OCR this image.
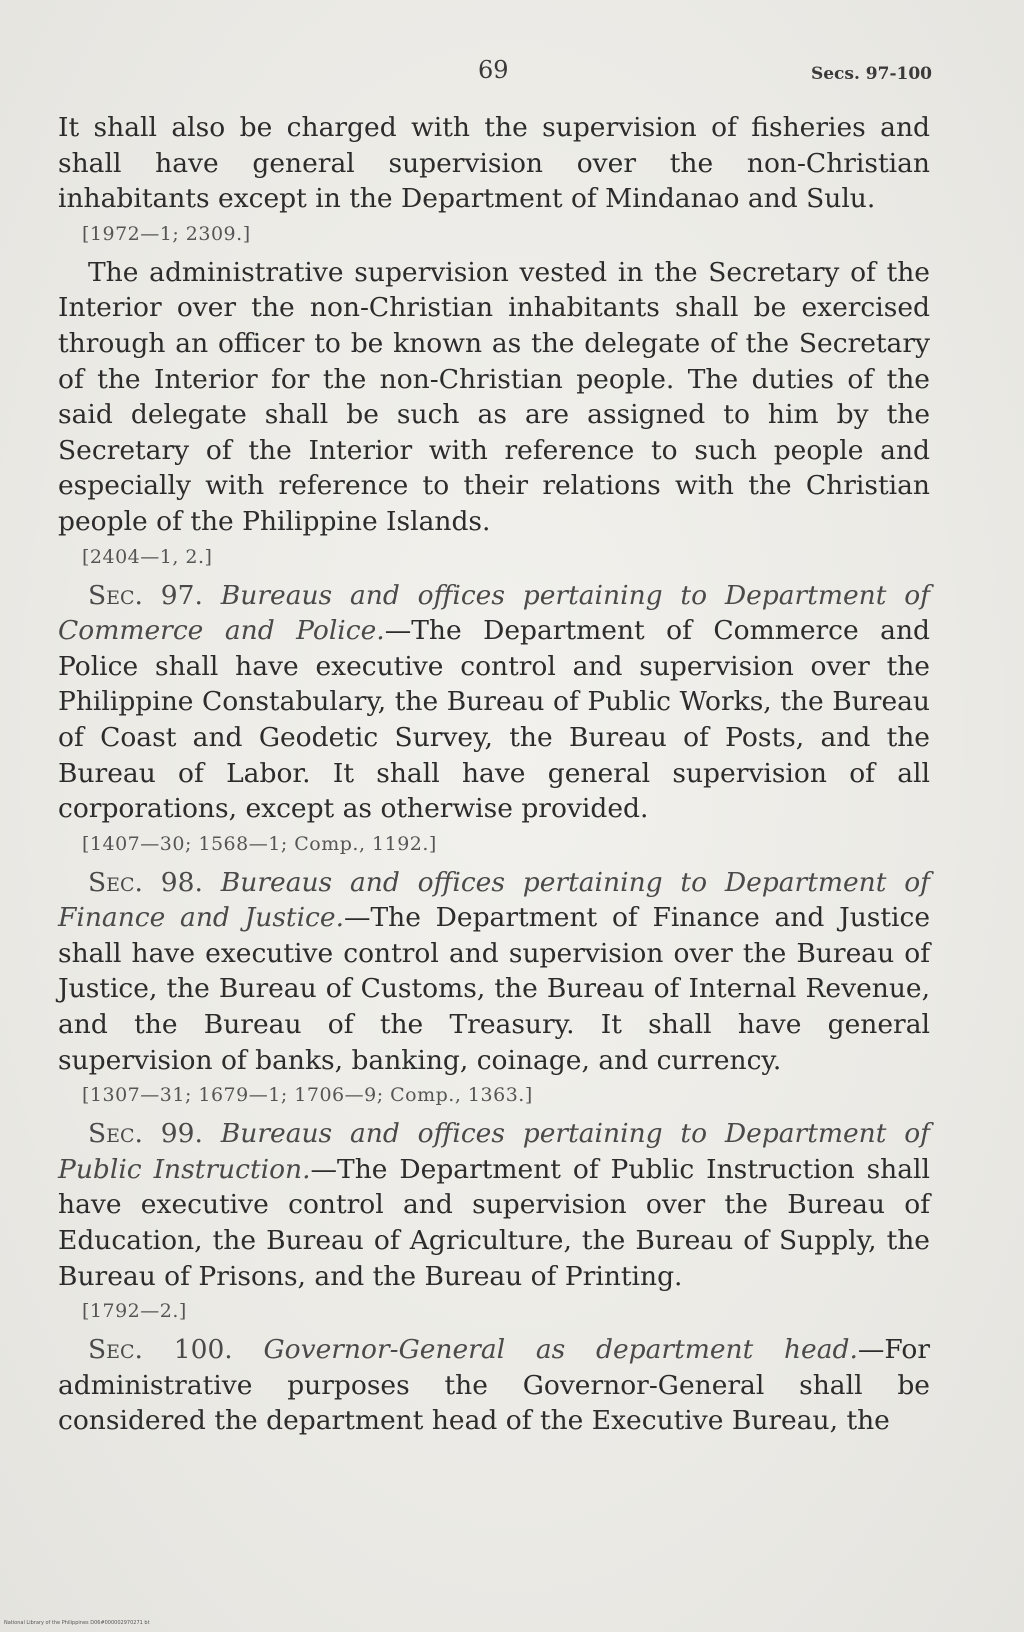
69	Secs. 97-100

It shall also be charged with the supervision of fisheries and shall have general supervision over the non-Christian inhabitants except in the Department of Mindanao and Sulu.

[1972—1; 2309.]

The administrative supervision vested in the Secretary of the Interior over the non-Christian inhabitants shall be exercised through an officer to be known as the delegate of the Secretary of the Interior for the non-Christian people. The duties of the said delegate shall be such as are assigned to him by the Secretary of the Interior with reference to such people and especially with reference to their relations with the Christian people of the Philippine Islands.

[2404—1, 2.]

Sec. 97. Bureaus and offices pertaining to Department of Commerce and Police.—The Department of Commerce and Police shall have executive control and supervision over the Philippine Constabulary, the Bureau of Public Works, the Bureau of Coast and Geodetic Survey, the Bureau of Posts, and the Bureau of Labor. It shall have general supervision of all corporations, except as otherwise provided.

[1407—30; 1568—1; Comp., 1192.]

Sec. 98. Bureaus and offices pertaining to Department of Finance and Justice.—The Department of Finance and Justice shall have executive control and supervision over the Bureau of Justice, the Bureau of Customs, the Bureau of Internal Revenue, and the Bureau of the Treasury. It shall have general supervision of banks, banking, coinage, and currency.

[1307—31; 1679—1; 1706—9; Comp., 1363.]

Sec. 99. Bureaus and offices pertaining to Department of Public Instruction.—The Department of Public Instruction shall have executive control and supervision over the Bureau of Education, the Bureau of Agriculture, the Bureau of Supply, the Bureau of Prisons, and the Bureau of Printing.

[1792—2.]

Sec. 100. Governor-General as department head.—For administrative purposes the Governor-General shall be considered the department head of the Executive Bureau, the

National Library of the Philippines D06#000002970271 bt
